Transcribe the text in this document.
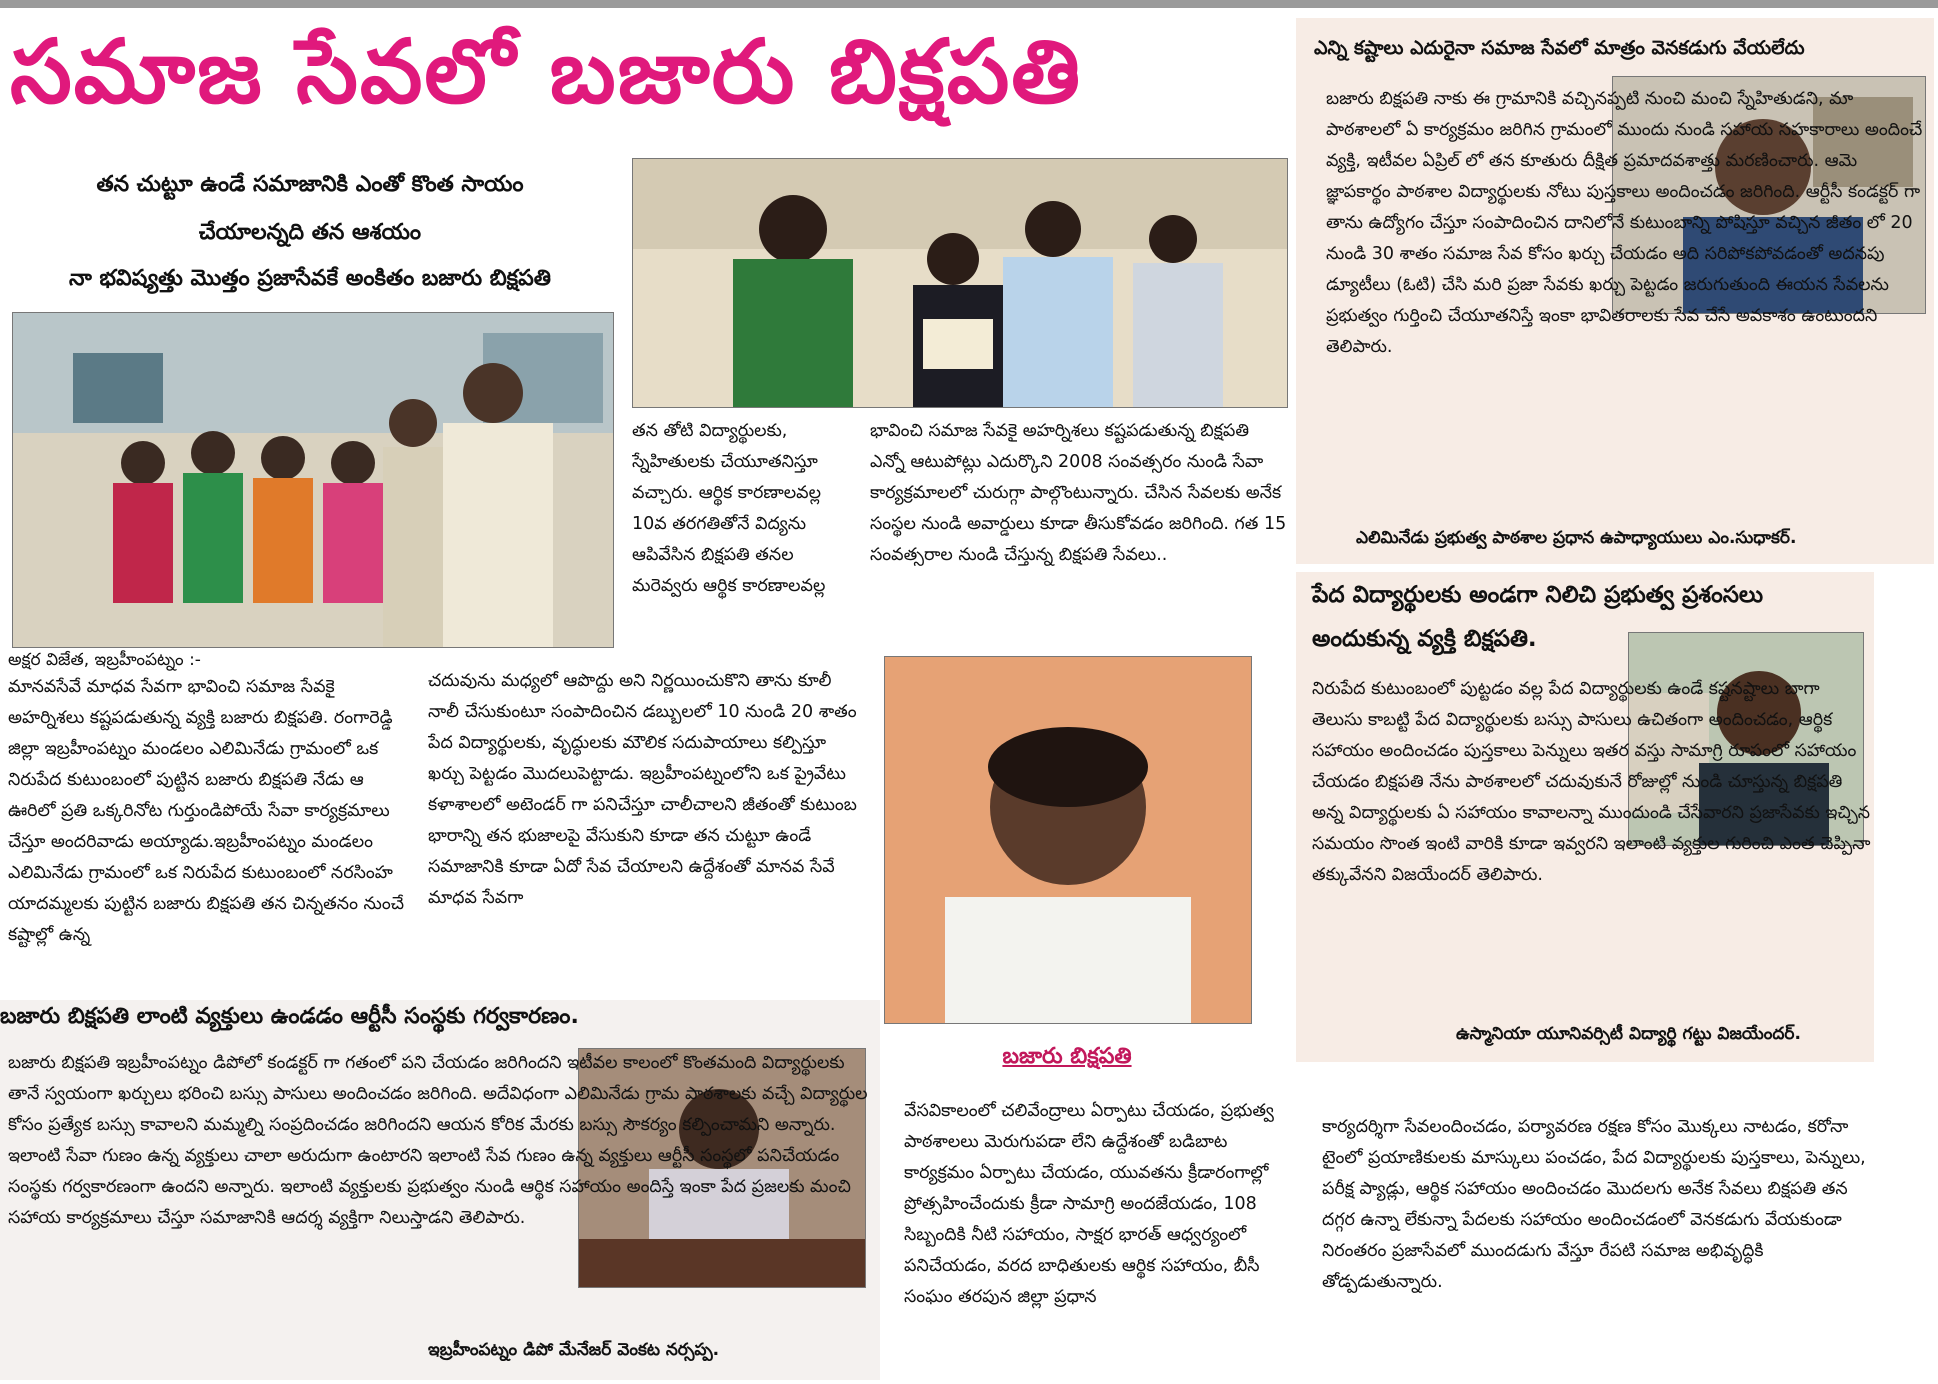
సమాజ సేవలో బజారు బిక్షపతి
తన చుట్టూ ఉండే సమాజానికి ఎంతో కొంత సాయం
చేయాలన్నది తన ఆశయం
నా భవిష్యత్తు మొత్తం ప్రజాసేవకే అంకితం బజారు బిక్షపతి
అక్షర విజేత, ఇబ్రహీంపట్నం :-
మానవసేవే మాధవ సేవగా భావించి సమాజ సేవకై అహర్నిశలు కష్టపడుతున్న వ్యక్తి బజారు బిక్షపతి. రంగారెడ్డి జిల్లా ఇబ్రహీంపట్నం మండలం ఎలిమినేడు గ్రామంలో ఒక నిరుపేద కుటుంబంలో పుట్టిన బజారు బిక్షపతి నేడు ఆ ఊరిలో ప్రతి ఒక్కరినోట గుర్తుండిపోయే సేవా కార్యక్రమాలు చేస్తూ అందరివాడు అయ్యాడు.ఇబ్రహీంపట్నం మండలం ఎలిమినేడు గ్రామంలో ఒక నిరుపేద కుటుంబంలో నరసింహ యాదమ్మలకు పుట్టిన బజారు బిక్షపతి తన చిన్నతనం నుంచే కష్టాల్లో ఉన్న
తన తోటి విద్యార్థులకు, స్నేహితులకు చేయూతనిస్తూ వచ్చారు. ఆర్థిక కారణాలవల్ల 10వ తరగతితోనే విద్యను ఆపివేసిన బిక్షపతి తనల మరెవ్వరు ఆర్థిక కారణాలవల్ల
చదువును మధ్యలో ఆపొద్దు అని నిర్ణయించుకొని తాను కూలీ నాలీ చేసుకుంటూ సంపాదించిన డబ్బులలో 10 నుండి 20 శాతం పేద విద్యార్థులకు, వృద్ధులకు మౌలిక సదుపాయాలు కల్పిస్తూ ఖర్చు పెట్టడం మొదలుపెట్టాడు. ఇబ్రహీంపట్నంలోని ఒక ప్రైవేటు కళాశాలలో అటెండర్ గా పనిచేస్తూ చాలీచాలని జీతంతో కుటుంబ భారాన్ని తన భుజాలపై వేసుకుని కూడా తన చుట్టూ ఉండే సమాజానికి కూడా ఏదో సేవ చేయాలని ఉద్దేశంతో మానవ సేవే మాధవ సేవగా
భావించి సమాజ సేవకై అహర్నిశలు కష్టపడుతున్న బిక్షపతి ఎన్నో ఆటుపోట్లు ఎదుర్కొని 2008 సంవత్సరం నుండి సేవా కార్యక్రమాలలో చురుగ్గా పాల్గొంటున్నారు. చేసిన సేవలకు అనేక సంస్థల నుండి అవార్డులు కూడా తీసుకోవడం జరిగింది. గత 15 సంవత్సరాల నుండి చేస్తున్న బిక్షపతి సేవలు..
బజారు బిక్షపతి
వేసవికాలంలో చలివేంద్రాలు ఏర్పాటు చేయడం, ప్రభుత్వ పాఠశాలలు మెరుగుపడా లేని ఉద్దేశంతో బడిబాట కార్యక్రమం ఏర్పాటు చేయడం, యువతను క్రీడారంగాల్లో ప్రోత్సహించేందుకు క్రీడా సామాగ్రి అందజేయడం, 108 సిబ్బందికి నీటి సహాయం, సాక్షర భారత్ ఆధ్వర్యంలో పనిచేయడం, వరద బాధితులకు ఆర్థిక సహాయం, బీసీ సంఘం తరపున జిల్లా ప్రధాన
కార్యదర్శిగా సేవలందించడం, పర్యావరణ రక్షణ కోసం మొక్కలు నాటడం, కరోనా టైంలో ప్రయాణికులకు మాస్కులు పంచడం, పేద విద్యార్థులకు పుస్తకాలు, పెన్నులు, పరీక్ష ప్యాడ్లు, ఆర్థిక సహాయం అందించడం మొదలగు అనేక సేవలు బిక్షపతి తన దగ్గర ఉన్నా లేకున్నా పేదలకు సహాయం అందించడంలో వెనకడుగు వేయకుండా నిరంతరం ప్రజాసేవలో ముందడుగు వేస్తూ రేపటి సమాజ అభివృద్ధికి తోడ్పడుతున్నారు.
ఎన్ని కష్టాలు ఎదురైనా సమాజ సేవలో మాత్రం వెనకడుగు వేయలేదు
బజారు బిక్షపతి నాకు ఈ గ్రామానికి వచ్చినప్పటి నుంచి మంచి స్నేహితుడని, మా పాఠశాలలో ఏ కార్యక్రమం జరిగిన గ్రామంలో ముందు నుండి సహాయ సహకారాలు అందించే వ్యక్తి, ఇటీవల ఏప్రిల్ లో తన కూతురు దీక్షిత ప్రమాదవశాత్తు మరణించారు. ఆమె జ్ఞాపకార్థం పాఠశాల విద్యార్థులకు నోటు పుస్తకాలు అందించడం జరిగింది. ఆర్టీసీ కండక్టర్ గా తాను ఉద్యోగం చేస్తూ సంపాదించిన దానిలోనే కుటుంబాన్ని పోషిస్తూ వచ్చిన జీతం లో 20 నుండి 30 శాతం సమాజ సేవ కోసం ఖర్చు చేయడం అది సరిపోకపోవడంతో అదనపు డ్యూటీలు (ఓటి) చేసి మరి ప్రజా సేవకు ఖర్చు పెట్టడం జరుగుతుంది ఈయన సేవలను ప్రభుత్వం గుర్తించి చేయూతనిస్తే ఇంకా భావితరాలకు సేవ చేసే అవకాశం ఉంటుందని తెలిపారు.
ఎలిమినేడు ప్రభుత్వ పాఠశాల ప్రధాన ఉపాధ్యాయులు ఎం.సుధాకర్.
పేద విద్యార్థులకు అండగా నిలిచి ప్రభుత్వ ప్రశంసలు
అందుకున్న వ్యక్తి బిక్షపతి.
నిరుపేద కుటుంబంలో పుట్టడం వల్ల పేద విద్యార్థులకు ఉండే కష్టనష్టాలు బాగా తెలుసు కాబట్టి పేద విద్యార్థులకు బస్సు పాసులు ఉచితంగా అందించడం, ఆర్థిక సహాయం అందించడం పుస్తకాలు పెన్నులు ఇతర వస్తు సామాగ్రి రూపంలో సహాయం చేయడం బిక్షపతి నేను పాఠశాలలో చదువుకునే రోజుల్లో నుండి చూస్తున్న బిక్షపతి అన్న విద్యార్థులకు ఏ సహాయం కావాలన్నా ముందుండి చేసేవారని ప్రజాసేవకు ఇచ్చిన సమయం సొంత ఇంటి వారికి కూడా ఇవ్వరని ఇలాంటి వ్యక్తుల గురించి ఎంత చెప్పినా తక్కువేనని విజయేందర్ తెలిపారు.
ఉస్మానియా యూనివర్సిటీ విద్యార్థి గట్టు విజయేందర్.
బజారు బిక్షపతి లాంటి వ్యక్తులు ఉండడం ఆర్టీసీ సంస్థకు గర్వకారణం.
బజారు బిక్షపతి ఇబ్రహీంపట్నం డిపోలో కండక్టర్ గా గతంలో పని చేయడం జరిగిందని ఇటీవల కాలంలో కొంతమంది విద్యార్థులకు తానే స్వయంగా ఖర్చులు భరించి బస్సు పాసులు అందించడం జరిగింది. అదేవిధంగా ఎలిమినేడు గ్రామ పాఠశాలకు వచ్చే విద్యార్థుల కోసం ప్రత్యేక బస్సు కావాలని మమ్మల్ని సంప్రదించడం జరిగిందని ఆయన కోరిక మేరకు బస్సు సౌకర్యం కల్పించామని అన్నారు. ఇలాంటి సేవా గుణం ఉన్న వ్యక్తులు చాలా అరుదుగా ఉంటారని ఇలాంటి సేవ గుణం ఉన్న వ్యక్తులు ఆర్టీసీ సంస్థలో పనిచేయడం సంస్థకు గర్వకారణంగా ఉందని అన్నారు. ఇలాంటి వ్యక్తులకు ప్రభుత్వం నుండి ఆర్థిక సహాయం అందిస్తే ఇంకా పేద ప్రజలకు మంచి సహాయ కార్యక్రమాలు చేస్తూ సమాజానికి ఆదర్శ వ్యక్తిగా నిలుస్తాడని తెలిపారు.
ఇబ్రహీంపట్నం డిపో మేనేజర్ వెంకట నర్సప్ప.
